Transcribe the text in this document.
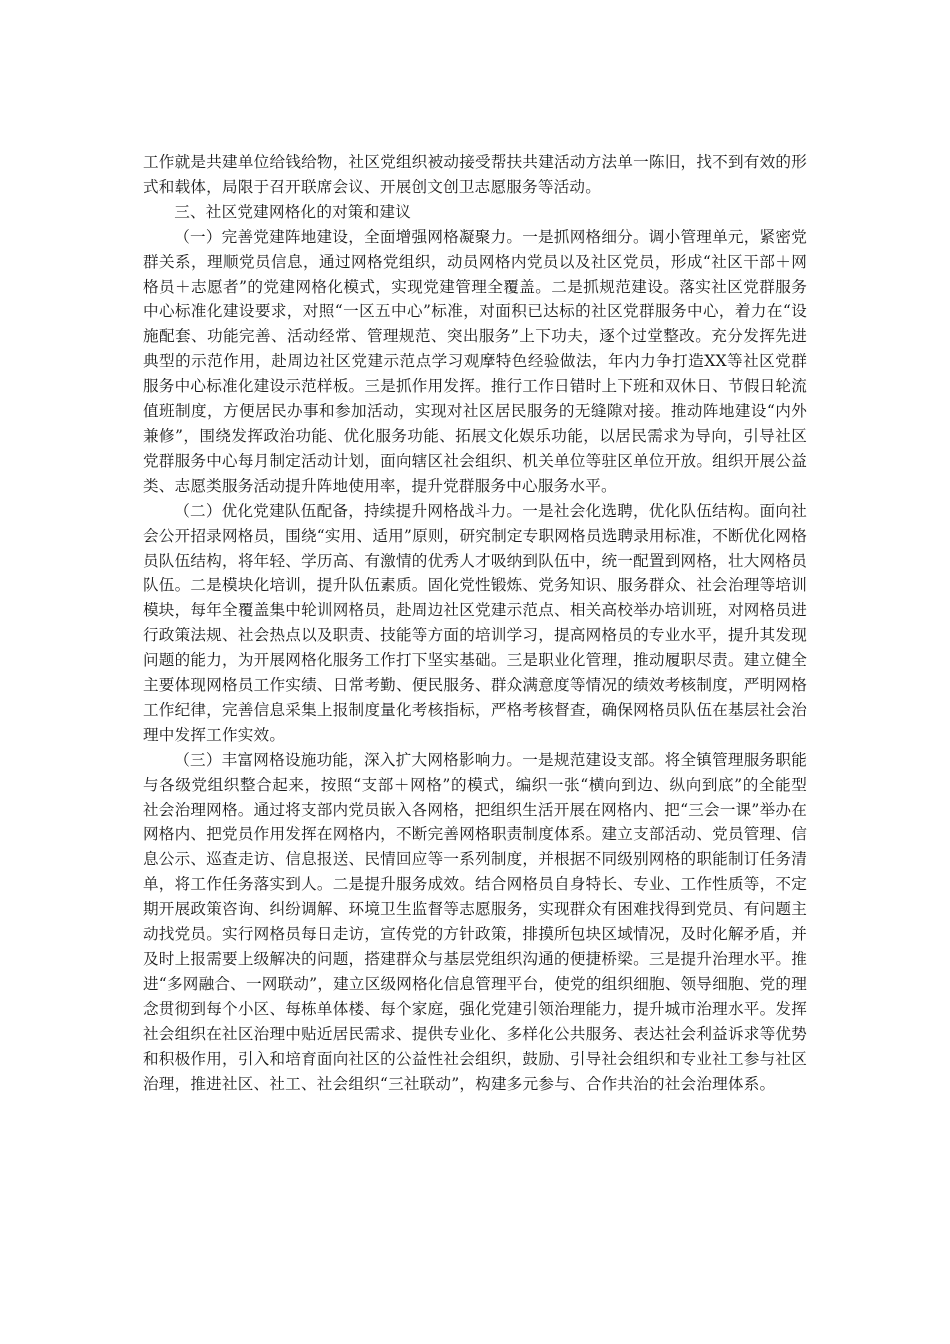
工作就是共建单位给钱给物，社区党组织被动接受帮扶共建活动方法单一陈旧，找不到有效的形式和载体，局限于召开联席会议、开展创文创卫志愿服务等活动。

三、社区党建网格化的对策和建议

（一）完善党建阵地建设，全面增强网格凝聚力。一是抓网格细分。调小管理单元，紧密党群关系，理顺党员信息，通过网格党组织，动员网格内党员以及社区党员，形成“社区干部＋网格员＋志愿者”的党建网格化模式，实现党建管理全覆盖。二是抓规范建设。落实社区党群服务中心标准化建设要求，对照“一区五中心”标准，对面积已达标的社区党群服务中心，着力在“设施配套、功能完善、活动经常、管理规范、突出服务”上下功夫，逐个过堂整改。充分发挥先进典型的示范作用，赴周边社区党建示范点学习观摩特色经验做法，年内力争打造XX等社区党群服务中心标准化建设示范样板。三是抓作用发挥。推行工作日错时上下班和双休日、节假日轮流值班制度，方便居民办事和参加活动，实现对社区居民服务的无缝隙对接。推动阵地建设“内外兼修”，围绕发挥政治功能、优化服务功能、拓展文化娱乐功能，以居民需求为导向，引导社区党群服务中心每月制定活动计划，面向辖区社会组织、机关单位等驻区单位开放。组织开展公益类、志愿类服务活动提升阵地使用率，提升党群服务中心服务水平。

（二）优化党建队伍配备，持续提升网格战斗力。一是社会化选聘，优化队伍结构。面向社会公开招录网格员，围绕“实用、适用”原则，研究制定专职网格员选聘录用标准，不断优化网格员队伍结构，将年轻、学历高、有激情的优秀人才吸纳到队伍中，统一配置到网格，壮大网格员队伍。二是模块化培训，提升队伍素质。固化党性锻炼、党务知识、服务群众、社会治理等培训模块，每年全覆盖集中轮训网格员，赴周边社区党建示范点、相关高校举办培训班，对网格员进行政策法规、社会热点以及职责、技能等方面的培训学习，提高网格员的专业水平，提升其发现问题的能力，为开展网格化服务工作打下坚实基础。三是职业化管理，推动履职尽责。建立健全主要体现网格员工作实绩、日常考勤、便民服务、群众满意度等情况的绩效考核制度，严明网格工作纪律，完善信息采集上报制度量化考核指标，严格考核督查，确保网格员队伍在基层社会治理中发挥工作实效。

（三）丰富网格设施功能，深入扩大网格影响力。一是规范建设支部。将全镇管理服务职能与各级党组织整合起来，按照“支部＋网格”的模式，编织一张“横向到边、纵向到底”的全能型社会治理网格。通过将支部内党员嵌入各网格，把组织生活开展在网格内、把“三会一课”举办在网格内、把党员作用发挥在网格内，不断完善网格职责制度体系。建立支部活动、党员管理、信息公示、巡查走访、信息报送、民情回应等一系列制度，并根据不同级别网格的职能制订任务清单，将工作任务落实到人。二是提升服务成效。结合网格员自身特长、专业、工作性质等，不定期开展政策咨询、纠纷调解、环境卫生监督等志愿服务，实现群众有困难找得到党员、有问题主动找党员。实行网格员每日走访，宣传党的方针政策，排摸所包块区域情况，及时化解矛盾，并及时上报需要上级解决的问题，搭建群众与基层党组织沟通的便捷桥梁。三是提升治理水平。推进“多网融合、一网联动”，建立区级网格化信息管理平台，使党的组织细胞、领导细胞、党的理念贯彻到每个小区、每栋单体楼、每个家庭，强化党建引领治理能力，提升城市治理水平。发挥社会组织在社区治理中贴近居民需求、提供专业化、多样化公共服务、表达社会利益诉求等优势和积极作用，引入和培育面向社区的公益性社会组织，鼓励、引导社会组织和专业社工参与社区治理，推进社区、社工、社会组织“三社联动”，构建多元参与、合作共治的社会治理体系。
